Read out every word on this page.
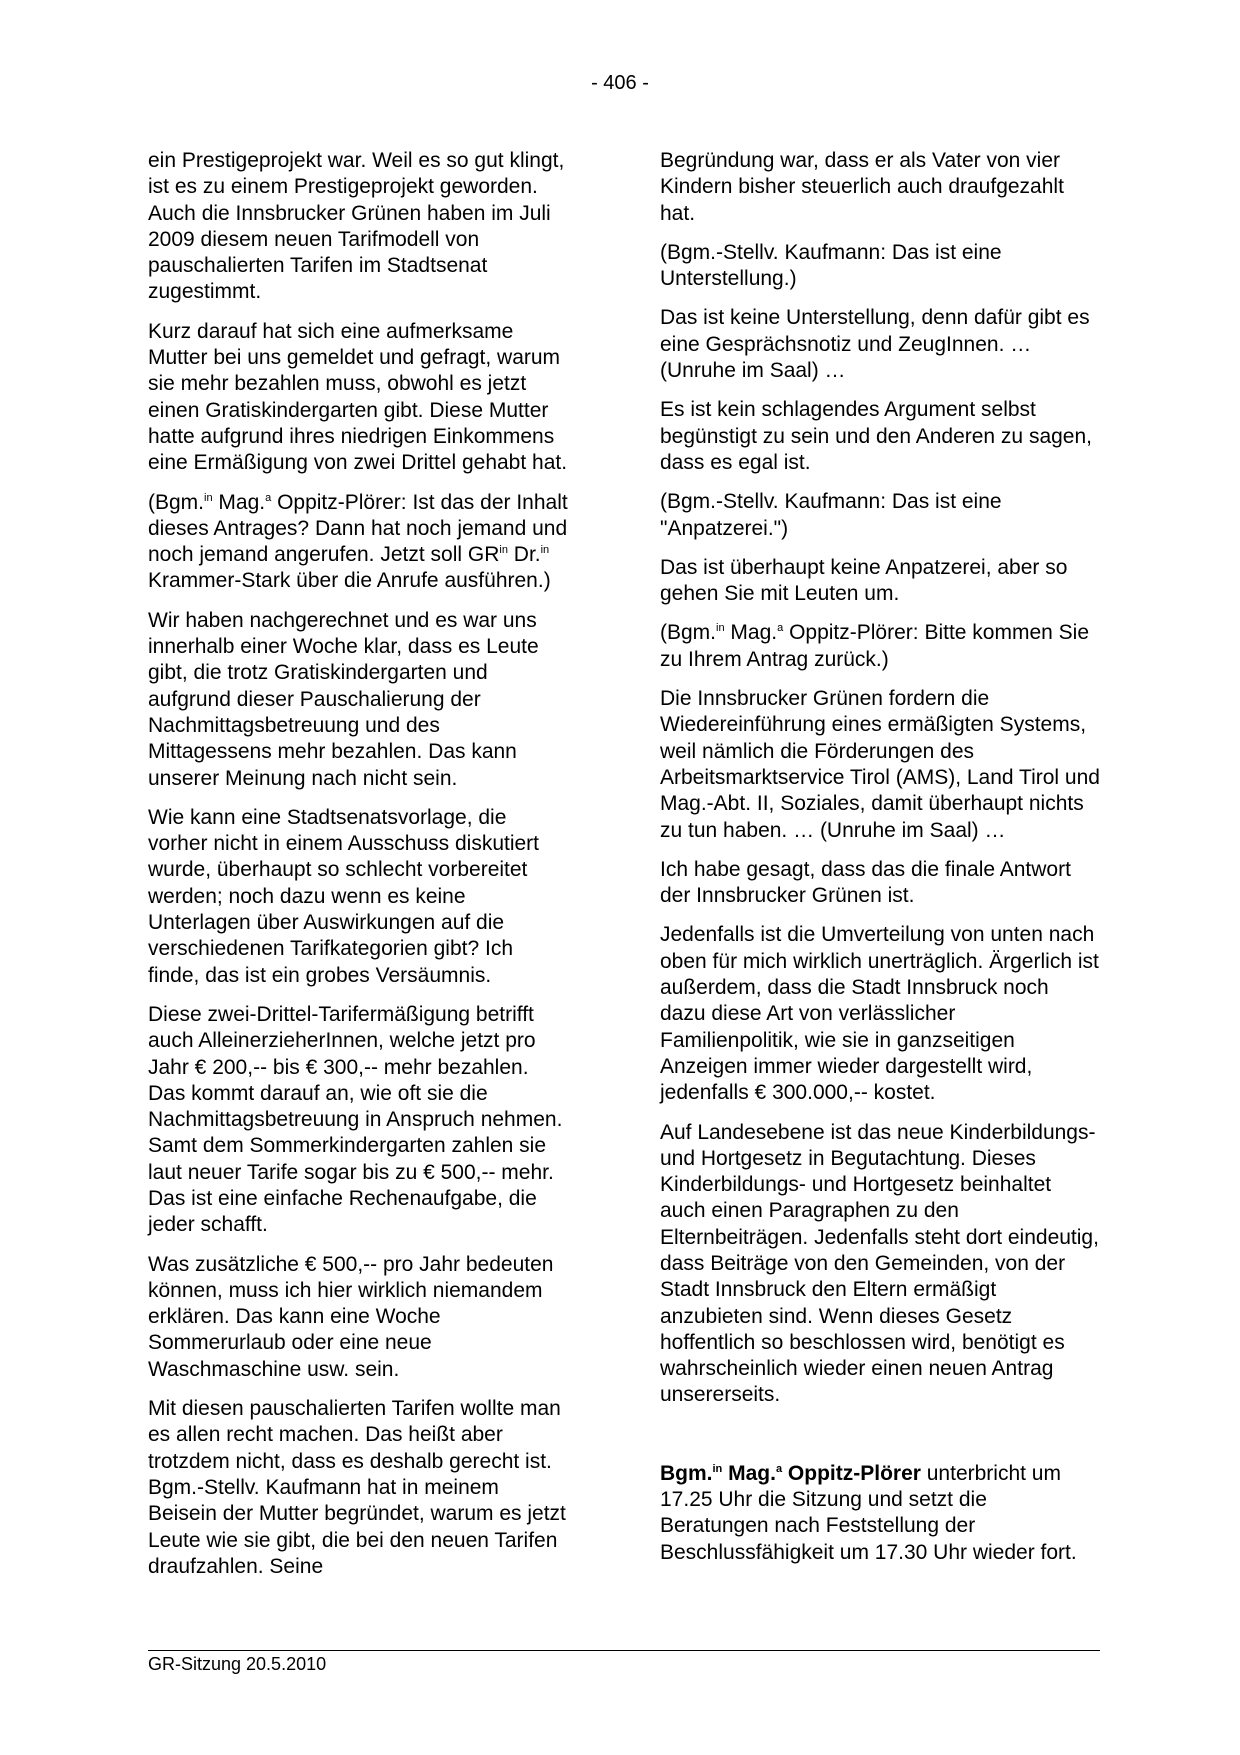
- 406 -

ein Prestigeprojekt war. Weil es so gut klingt, ist es zu einem Prestigeprojekt geworden. Auch die Innsbrucker Grünen haben im Juli 2009 diesem neuen Tarifmodell von pauschalierten Tarifen im Stadtsenat zugestimmt.

Kurz darauf hat sich eine aufmerksame Mutter bei uns gemeldet und gefragt, warum sie mehr bezahlen muss, obwohl es jetzt einen Gratiskindergarten gibt. Diese Mutter hatte aufgrund ihres niedrigen Einkommens eine Ermäßigung von zwei Drittel gehabt hat.

(Bgm.$^{in}$ Mag.$^a$ Oppitz-Plörer: Ist das der Inhalt dieses Antrages? Dann hat noch jemand und noch jemand angerufen. Jetzt soll $GR^{in}$ Dr.$^{in}$ Krammer-Stark über die Anrufe ausführen.)

Wir haben nachgerechnet und es war uns innerhalb einer Woche klar, dass es Leute gibt, die trotz Gratiskindergarten und aufgrund dieser Pauschalierung der Nachmittagsbetreuung und des Mittagessens mehr bezahlen. Das kann unserer Meinung nach nicht sein.

Wie kann eine Stadtsenatsvorlage, die vorher nicht in einem Ausschuss diskutiert wurde, überhaupt so schlecht vorbereitet werden; noch dazu wenn es keine Unterlagen über Auswirkungen auf die verschiedenen Tarifkategorien gibt? Ich finde, das ist ein grobes Versäumnis.

Diese zwei-Drittel-Tarifermäßigung betrifft auch AlleinerzieherInnen, welche jetzt pro Jahr € 200,-- bis € 300,-- mehr bezahlen. Das kommt darauf an, wie oft sie die Nachmittagsbetreuung in Anspruch nehmen. Samt dem Sommerkindergarten zahlen sie laut neuer Tarife sogar bis zu € 500,-- mehr. Das ist eine einfache Rechenaufgabe, die jeder schafft.

Was zusätzliche € 500,-- pro Jahr bedeuten können, muss ich hier wirklich niemandem erklären. Das kann eine Woche Sommerurlaub oder eine neue Waschmaschine usw. sein.

Mit diesen pauschalierten Tarifen wollte man es allen recht machen. Das heißt aber trotzdem nicht, dass es deshalb gerecht ist. Bgm.-Stellv. Kaufmann hat in meinem Beisein der Mutter begründet, warum es jetzt Leute wie sie gibt, die bei den neuen Tarifen draufzahlen. Seine

Begründung war, dass er als Vater von vier Kindern bisher steuerlich auch draufgezahlt hat.

(Bgm.-Stellv. Kaufmann: Das ist eine Unterstellung.)

Das ist keine Unterstellung, denn dafür gibt es eine Gesprächsnotiz und ZeugInnen. … (Unruhe im Saal) …

Es ist kein schlagendes Argument selbst begünstigt zu sein und den Anderen zu sagen, dass es egal ist.

(Bgm.-Stellv. Kaufmann: Das ist eine "Anpatzerei.")

Das ist überhaupt keine Anpatzerei, aber so gehen Sie mit Leuten um.

(Bgm.$^{in}$ Mag.$^a$ Oppitz-Plörer: Bitte kommen Sie zu Ihrem Antrag zurück.)

Die Innsbrucker Grünen fordern die Wiedereinführung eines ermäßigten Systems, weil nämlich die Förderungen des Arbeitsmarktservice Tirol (AMS), Land Tirol und Mag.-Abt. II, Soziales, damit überhaupt nichts zu tun haben. … (Unruhe im Saal) …

Ich habe gesagt, dass das die finale Antwort der Innsbrucker Grünen ist.

Jedenfalls ist die Umverteilung von unten nach oben für mich wirklich unerträglich. Ärgerlich ist außerdem, dass die Stadt Innsbruck noch dazu diese Art von verlässlicher Familienpolitik, wie sie in ganzseitigen Anzeigen immer wieder dargestellt wird, jedenfalls € 300.000,-- kostet.

Auf Landesebene ist das neue Kinderbildungs- und Hortgesetz in Begutachtung. Dieses Kinderbildungs- und Hortgesetz beinhaltet auch einen Paragraphen zu den Elternbeiträgen. Jedenfalls steht dort eindeutig, dass Beiträge von den Gemeinden, von der Stadt Innsbruck den Eltern ermäßigt anzubieten sind. Wenn dieses Gesetz hoffentlich so beschlossen wird, benötigt es wahrscheinlich wieder einen neuen Antrag unsererseits.

Bgm.$^{in}$ Mag.$^a$ Oppitz-Plörer unterbricht um 17.25 Uhr die Sitzung und setzt die Beratungen nach Feststellung der Beschlussfähigkeit um 17.30 Uhr wieder fort.

GR-Sitzung 20.5.2010
